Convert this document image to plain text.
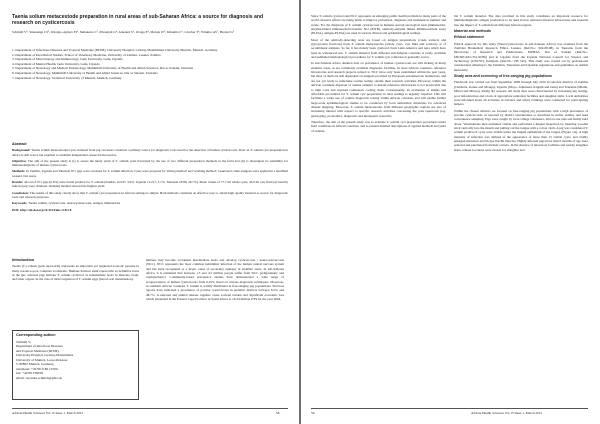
Taenia solium metacestode preparation in rural areas of sub-Saharan Africa: a source for diagnosis and research on cysticercosis
Schmidt V¹, Sikasunge CS², Odongo-Aginya EI³, Simukoko C², Mwanjali G⁴, Alarakol S³, Ovuga E³, Matuja W⁵, Kihamia C⁶, Löscher T¹, Winkler AS⁷, Bretzel G¹
1. Department of Infectious Diseases and Tropical Medicine (DITM), University Hospital, Ludwig-Maximilians University Munich, Munich, Germany
2. Department of Paraclinical Studies, School of Veterinary Medicine, University of Zambia, Lusaka, Zambia
3. Department of Microbiology and Immunology, Gulu University, Gulu, Uganda
4. Department of Mental Health, Gulu University, Gulu, Uganda
5. Department of Neurology and Medical Entomology, Muhimbili University of Health and Allied Sciences, Dar es Salaam, Tanzania
6. Department of Neurology, Muhimbili University of Health and Allied Sciences, Dar es Salaam, Tanzania
7. Department of Neurology, Technical University of Munich, Munich, Germany
Abstract

Background: Taenia solium metacestodes/cysts obtained from pig carcasses constitute a primary source for diagnostic tools used for the detection of human cysticercosis. Data on T. solium cyst preparation in Africa is still scarce but required to establish independent research laboratories.

Objective: The aim of the present study is (i) to assess the likely yield of T. solium cysts harvested by the use of two different preparation methods in the field and (ii) to investigate its suitability for immunodiagnosis of human cysticercosis.

Methods: In Zambia, Uganda and Tanzania 671 pigs were screened for T. solium infection. Cysts were prepared by 'slicing method' and 'washing method'. Generated crude antigens were applied in a modified western blot assay.

Results: 46 out of 671 pigs (6.9%) were found positive for T. solium (Zambia 12/247, 3.9%; Uganda 11/217, 5.1%; Tanzania 23/86, 26.7%). Mean values of 77.7 ml whole cysts, 43.0 ml cyst fluid per heavily infected pig were obtained. Washing method showed the highest yield.

Conclusion: The results of this study clearly show that T. solium cyst preparation in African settings is simple. Both methods constitute an effective way to obtain high quality material as source for diagnostic tools and research purposes.

Keywords: Taenia solium, cysticercosis, neurocysticercosis, antigen, immunoblot

DOI: http://dx.doi.org/10.4314/ahs.v15i1.8

Introduction

Taenia (T.) solium (pork tapeworm) represents an important yet neglected zoonotic parasite in many resource-poor countries worldwide. Humans harbour adult tapeworms as definitive hosts in the gut, whereas pigs harbour T. solium cysticerci as intermediate hosts in muscles, brain, and other organs. In the case of direct ingestion of T. solium eggs (faecal-oral transmission),

humans may become accidental intermediate hosts and develop cysticercosis / neurocysticercosis (NCC). NCC represents the most common helminthic infection of the human central nervous system and has been recognized as a major cause of secondary epilepsy in endemic areas. In sub-Saharan Africa, it is estimated that between 1.5 and 4.5 million people suffer from NCC (symptomatic and asymptomatic). Community-based prevalence studies have demonstrated a wide range of seroprevalence of human cysticercosis from 0.45% based on various diagnostic techniques. Moreover, in southern African countries T. solium is widely distributed in free-ranging pig populations. Previous reports have indicated a prevalence of porcine cysticercosis in endemic districts between 8.2% and 46.7%. A national and animal disease together cause societal burden and significant economic loss which amounted in the Eastern Cape Province in South Africa to 19-34 million US$ for the year 2004.

Corresponding author:
Schmidt V,
Department of Infectious Diseases
and Tropical Medicine (DITM),
University Hospital, Ludwig-Maximilians
University of Munich, Leopoldstrasse
5, 80802 Munich, Germany,
telephone: +49 89 2180 13500,
fax: +49 89 336038,
email: veronika.schmidt@gmx.de
African Health Sciences Vol 15 Issue 1, March 2015	58

Since T. solium cysticercosis/NCC represents an emerging public health problem in many parts of the world, massive efforts are being made to improve prevention, diagnosis and treatment in humans and swine. For the diagnosis of T. solium cysticercosis in humans several serological tests (immunoblot, enzyme-linked immunoelectrotransfer blot (EITB), antibody-enzyme linked immunosorbent assay (ELISA), antigen-ELISA) are used in various clinical and epidemiological settings.

Most of the antibody-detecting tests are based on antigen preparations (crude extracts and glycoprotein fractions) from T. solium metacestodes (whole cysts, cyst fluid and scolices) or of recombinant antigens. So far, it has mainly been cysticerci from Latin America and Asia which have been in widespread use. T. solium material from different sub-Saharan countries is rarely available and published methodological procedures for T. solium cyst collection is generally scarce.

In sub-Saharan Africa detailed data on prevalence of human cysticercosis are still lacking in many endemic areas, as are commonly available diagnostic facilities. In most African countries, reference laboratories and research projects related to NCC have only been established within the past years, but most of them are still dependent on antigens provided by European and American institutions, and are not yet ready to undertake routine testing outside their research activities. However, within the African continent dispersal of routine samples to distant reference laboratories is not practicable due to high costs and required continuous cooling chain. Consequently, an evaluation of simple and affordable procedures for T. solium cyst preparation in rural settings is urgently required. This will facilitate a wider use of routine diagnostic testing within African countries and will enable further large-scale epidemiological studies to be conducted by local authorities/ ministries for advanced disease mapping. Moreover, T. solium metacestodes from different geographic regions are also of increasing interest with respect to specific research activities concerning the pork tapeworm (e.g. genotyping, proteomics, diagnostic and therapeutic research).

Therefore, the aim of the present study was to evaluate T. solium cyst preparation procedures under field conditions in African countries, and to present detailed descriptions of applied methods and yield of obtaina-

ble T. solium material. The data provided in this study constitutes an important resource for immunodiagnostic antigen production to be used in new national reference laboratories and research into the impact of T. solium from different African regions.

Material and methods
Ethical statement

Ethical approval for this study (Neurocysticercosis in sub-Saharan Africa) was obtained from the Zambian Biomedical Research Ethics, Lusaka, (Ref.No.: 004-08-08), in Tanzania from the Directorate of Research and Publications, MUHAS, Dar es Salaam (Ref.No.: MU/RP/AEC/Vol.XI/86) and in Uganda from the Uganda National Council for Science and Technology (UNCST), Kampala, (Ref.No.: HS 545). This study was carried out by professional veterinarians adhering to the Zambian, Tanzanian and Ugandan regulations and guidelines on animal husbandry.

Study area and screening of free-ranging pig populations

Fieldwork was carried out from September 2009 through July 2010 in selected districts of Zambia (Chimoba, Katete and Mongu), Uganda (Moyo, Adjumani, Kitgum and Gulu) and Tanzania (Mbulu, Mbozi and Mbeya), during dry seasons. All study sites were characterized by increasing pig rearing, poor infrastructure and a lack of appropriate sanitation facilities and slaughter slabs. Local authorities were informed about all activities in advance and safety trainings were conducted for participating helpers.

Within the chosen districts we focused on free-ranging pig populations with a high prevalence of porcine cysticercosis, as reported by district veterinarians or described in earlier studies, and used convenience sampling. Pigs were caught by local village volunteers, laid on one side and firmly held down. Veterinarians then examined visible and performed a lingual inspection by inserting wooden stick vertically into the mouth and pulling out the tongue with a cotton cloth. A pig was considered T. solium positive if cysts were visible under the lingual epithelium of the tongue (Figure 1A). A high intensity of infection was defined as the appearance of more than 15 visible cysts, and visibly enlarged masseters and triceps brachii muscles. Highly-infected pigs more than 6 months of age were selected and purchased from their owners. In the absence of laboratory facilities and nearby slaughter slabs, remote locations were chosen for slaughter and

59	African Health Sciences Vol 15 Issue 1, March 2015
